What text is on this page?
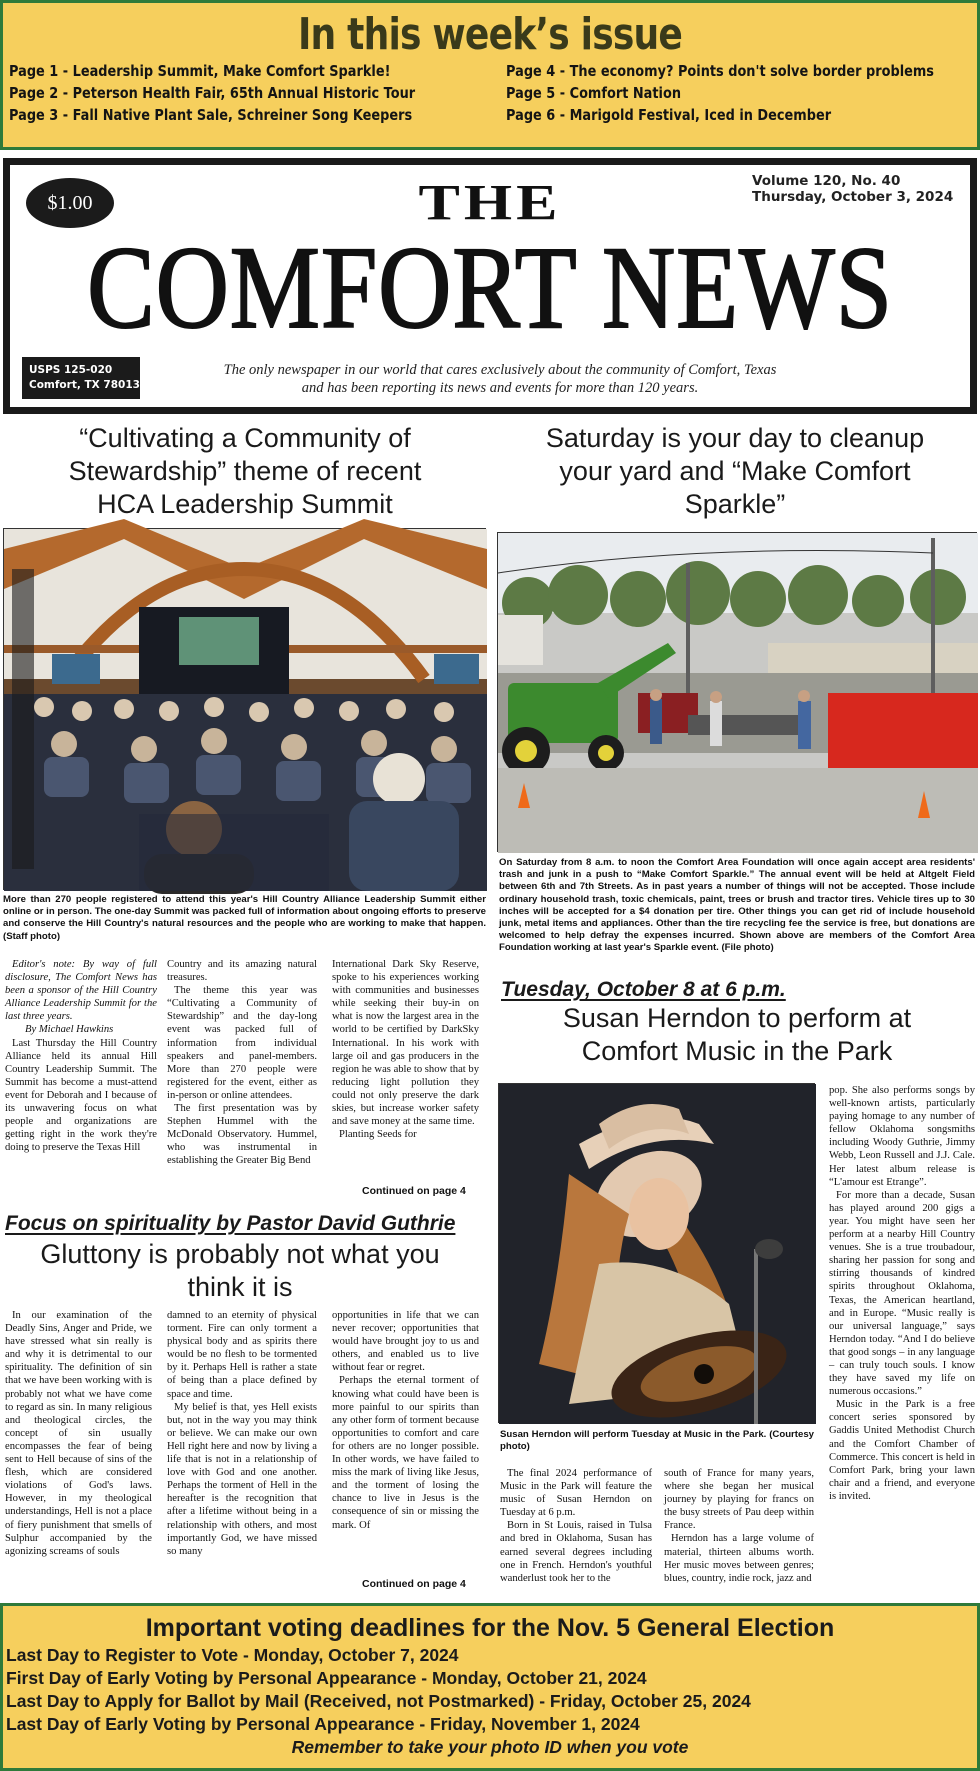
In this week’s issue
Page 1 - Leadership Summit, Make Comfort Sparkle!	Page 4 - The economy? Points don't solve border problems
Page 2 - Peterson Health Fair, 65th Annual Historic Tour	Page 5 - Comfort Nation
Page 3 - Fall Native Plant Sale, Schreiner Song Keepers	Page 6 - Marigold Festival, Iced in December
$1.00
Volume 120, No. 40
Thursday, October 3, 2024
THE
COMFORT NEWS
USPS 125-020
Comfort, TX 78013
The only newspaper in our world that cares exclusively about the community of Comfort, Texas
and has been reporting its news and events for more than 120 years.
“Cultivating a Community of
Stewardship” theme of recent
HCA Leadership Summit
More than 270 people registered to attend this year's Hill Country Alliance Leadership Summit either online or in person. The one-day Summit was packed full of information about ongoing efforts to preserve and conserve the Hill Country's natural resources and the people who are working to make that happen. (Staff photo)

Editor's note: By way of full disclosure, The Comfort News has been a sponsor of the Hill Country Alliance Leadership Summit for the last three years.

By Michael Hawkins

Last Thursday the Hill Country Alliance held its annual Hill Country Leadership Summit. The Summit has become a must-attend event for Deborah and I because of its unwavering focus on what people and organizations are getting right in the work they're doing to preserve the Texas Hill

Country and its amazing natural treasures.

The theme this year was “Cultivating a Community of Stewardship” and the day-long event was packed full of information from individual speakers and panel-members. More than 270 people were registered for the event, either as in-person or online attendees.

The first presentation was by Stephen Hummel with the McDonald Observatory. Hummel, who was instrumental in establishing the Greater Big Bend

International Dark Sky Reserve, spoke to his experiences working with communities and businesses while seeking their buy-in on what is now the largest area in the world to be certified by DarkSky International. In his work with large oil and gas producers in the region he was able to show that by reducing light pollution they could not only preserve the dark skies, but increase worker safety and save money at the same time.

Planting Seeds for

Continued on page 4
Saturday is your day to cleanup
your yard and “Make Comfort
Sparkle”
On Saturday from 8 a.m. to noon the Comfort Area Foundation will once again accept area residents' trash and junk in a push to “Make Comfort Sparkle.” The annual event will be held at Altgelt Field between 6th and 7th Streets. As in past years a number of things will not be accepted. Those include ordinary household trash, toxic chemicals, paint, trees or brush and tractor tires. Vehicle tires up to 30 inches will be accepted for a $4 donation per tire. Other things you can get rid of include household junk, metal items and appliances. Other than the tire recycling fee the service is free, but donations are welcomed to help defray the expenses incurred. Shown above are members of the Comfort Area Foundation working at last year's Sparkle event. (File photo)
Focus on spirituality by Pastor David Guthrie
Gluttony is probably not what you
think it is

In our examination of the Deadly Sins, Anger and Pride, we have stressed what sin really is and why it is detrimental to our spirituality. The definition of sin that we have been working with is probably not what we have come to regard as sin. In many religious and theological circles, the concept of sin usually encompasses the fear of being sent to Hell because of sins of the flesh, which are considered violations of God's laws. However, in my theological understandings, Hell is not a place of fiery punishment that smells of Sulphur accompanied by the agonizing screams of souls

damned to an eternity of physical torment. Fire can only torment a physical body and as spirits there would be no flesh to be tormented by it. Perhaps Hell is rather a state of being than a place defined by space and time.

My belief is that, yes Hell exists but, not in the way you may think or believe. We can make our own Hell right here and now by living a life that is not in a relationship of love with God and one another. Perhaps the torment of Hell in the hereafter is the recognition that after a lifetime without being in a relationship with others, and most importantly God, we have missed so many

opportunities in life that we can never recover; opportunities that would have brought joy to us and others, and enabled us to live without fear or regret.

Perhaps the eternal torment of knowing what could have been is more painful to our spirits than any other form of torment because opportunities to comfort and care for others are no longer possible. In other words, we have failed to miss the mark of living like Jesus, and the torment of losing the chance to live in Jesus is the consequence of sin or missing the mark. Of

Continued on page 4
Tuesday, October 8 at 6 p.m.
Susan Herndon to perform at
Comfort Music in the Park
Susan Herndon will perform Tuesday at Music in the Park. (Courtesy photo)

The final 2024 performance of Music in the Park will feature the music of Susan Herndon on Tuesday at 6 p.m.

Born in St Louis, raised in Tulsa and bred in Oklahoma, Susan has earned several degrees including one in French. Herndon's youthful wanderlust took her to the

south of France for many years, where she began her musical journey by playing for francs on the busy streets of Pau deep within France.

Herndon has a large volume of material, thirteen albums worth. Her music moves between genres; blues, country, indie rock, jazz and

pop. She also performs songs by well-known artists, particularly paying homage to any number of fellow Oklahoma songsmiths including Woody Guthrie, Jimmy Webb, Leon Russell and J.J. Cale. Her latest album release is “L'amour est Etrange”.

For more than a decade, Susan has played around 200 gigs a year. You might have seen her perform at a nearby Hill Country venues. She is a true troubadour, sharing her passion for song and stirring thousands of kindred spirits throughout Oklahoma, Texas, the American heartland, and in Europe. “Music really is our universal language,” says Herndon today. “And I do believe that good songs – in any language – can truly touch souls. I know they have saved my life on numerous occasions.”

Music in the Park is a free concert series sponsored by Gaddis United Methodist Church and the Comfort Chamber of Commerce. This concert is held in Comfort Park, bring your lawn chair and a friend, and everyone is invited.

Important voting deadlines for the Nov. 5 General Election
Last Day to Register to Vote - Monday, October 7, 2024
First Day of Early Voting by Personal Appearance - Monday, October 21, 2024
Last Day to Apply for Ballot by Mail (Received, not Postmarked) - Friday, October 25, 2024
Last Day of Early Voting by Personal Appearance - Friday, November 1, 2024
Remember to take your photo ID when you vote
